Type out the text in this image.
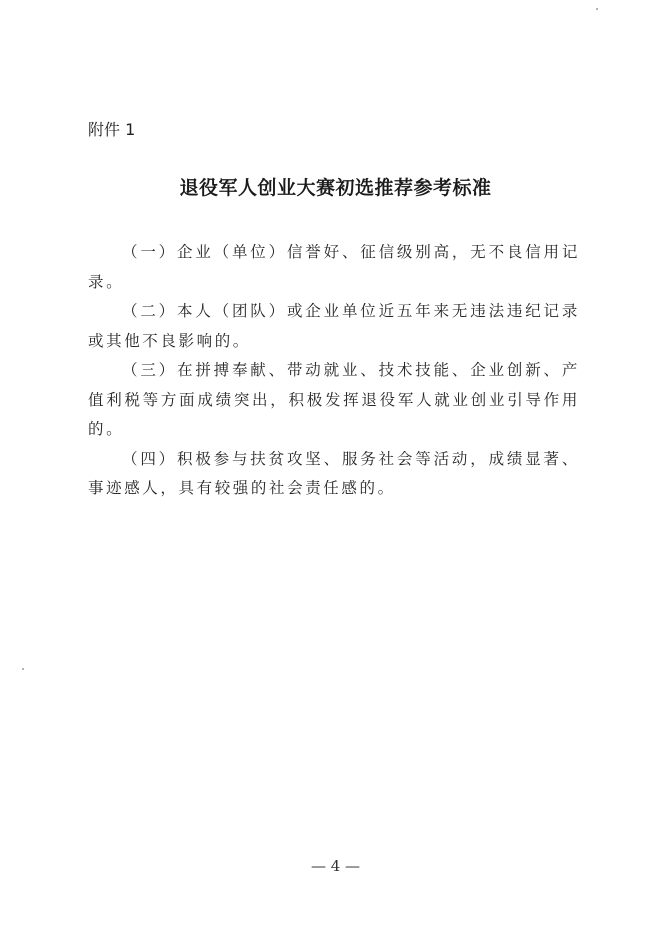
附件 1
退役军人创业大赛初选推荐参考标准

（一）企业（单位）信誉好、征信级别高，无不良信用记录。

（二）本人（团队）或企业单位近五年来无违法违纪记录或其他不良影响的。

（三）在拼搏奉献、带动就业、技术技能、企业创新、产值利税等方面成绩突出，积极发挥退役军人就业创业引导作用的。

（四）积极参与扶贫攻坚、服务社会等活动，成绩显著、事迹感人，具有较强的社会责任感的。

— 4 —
